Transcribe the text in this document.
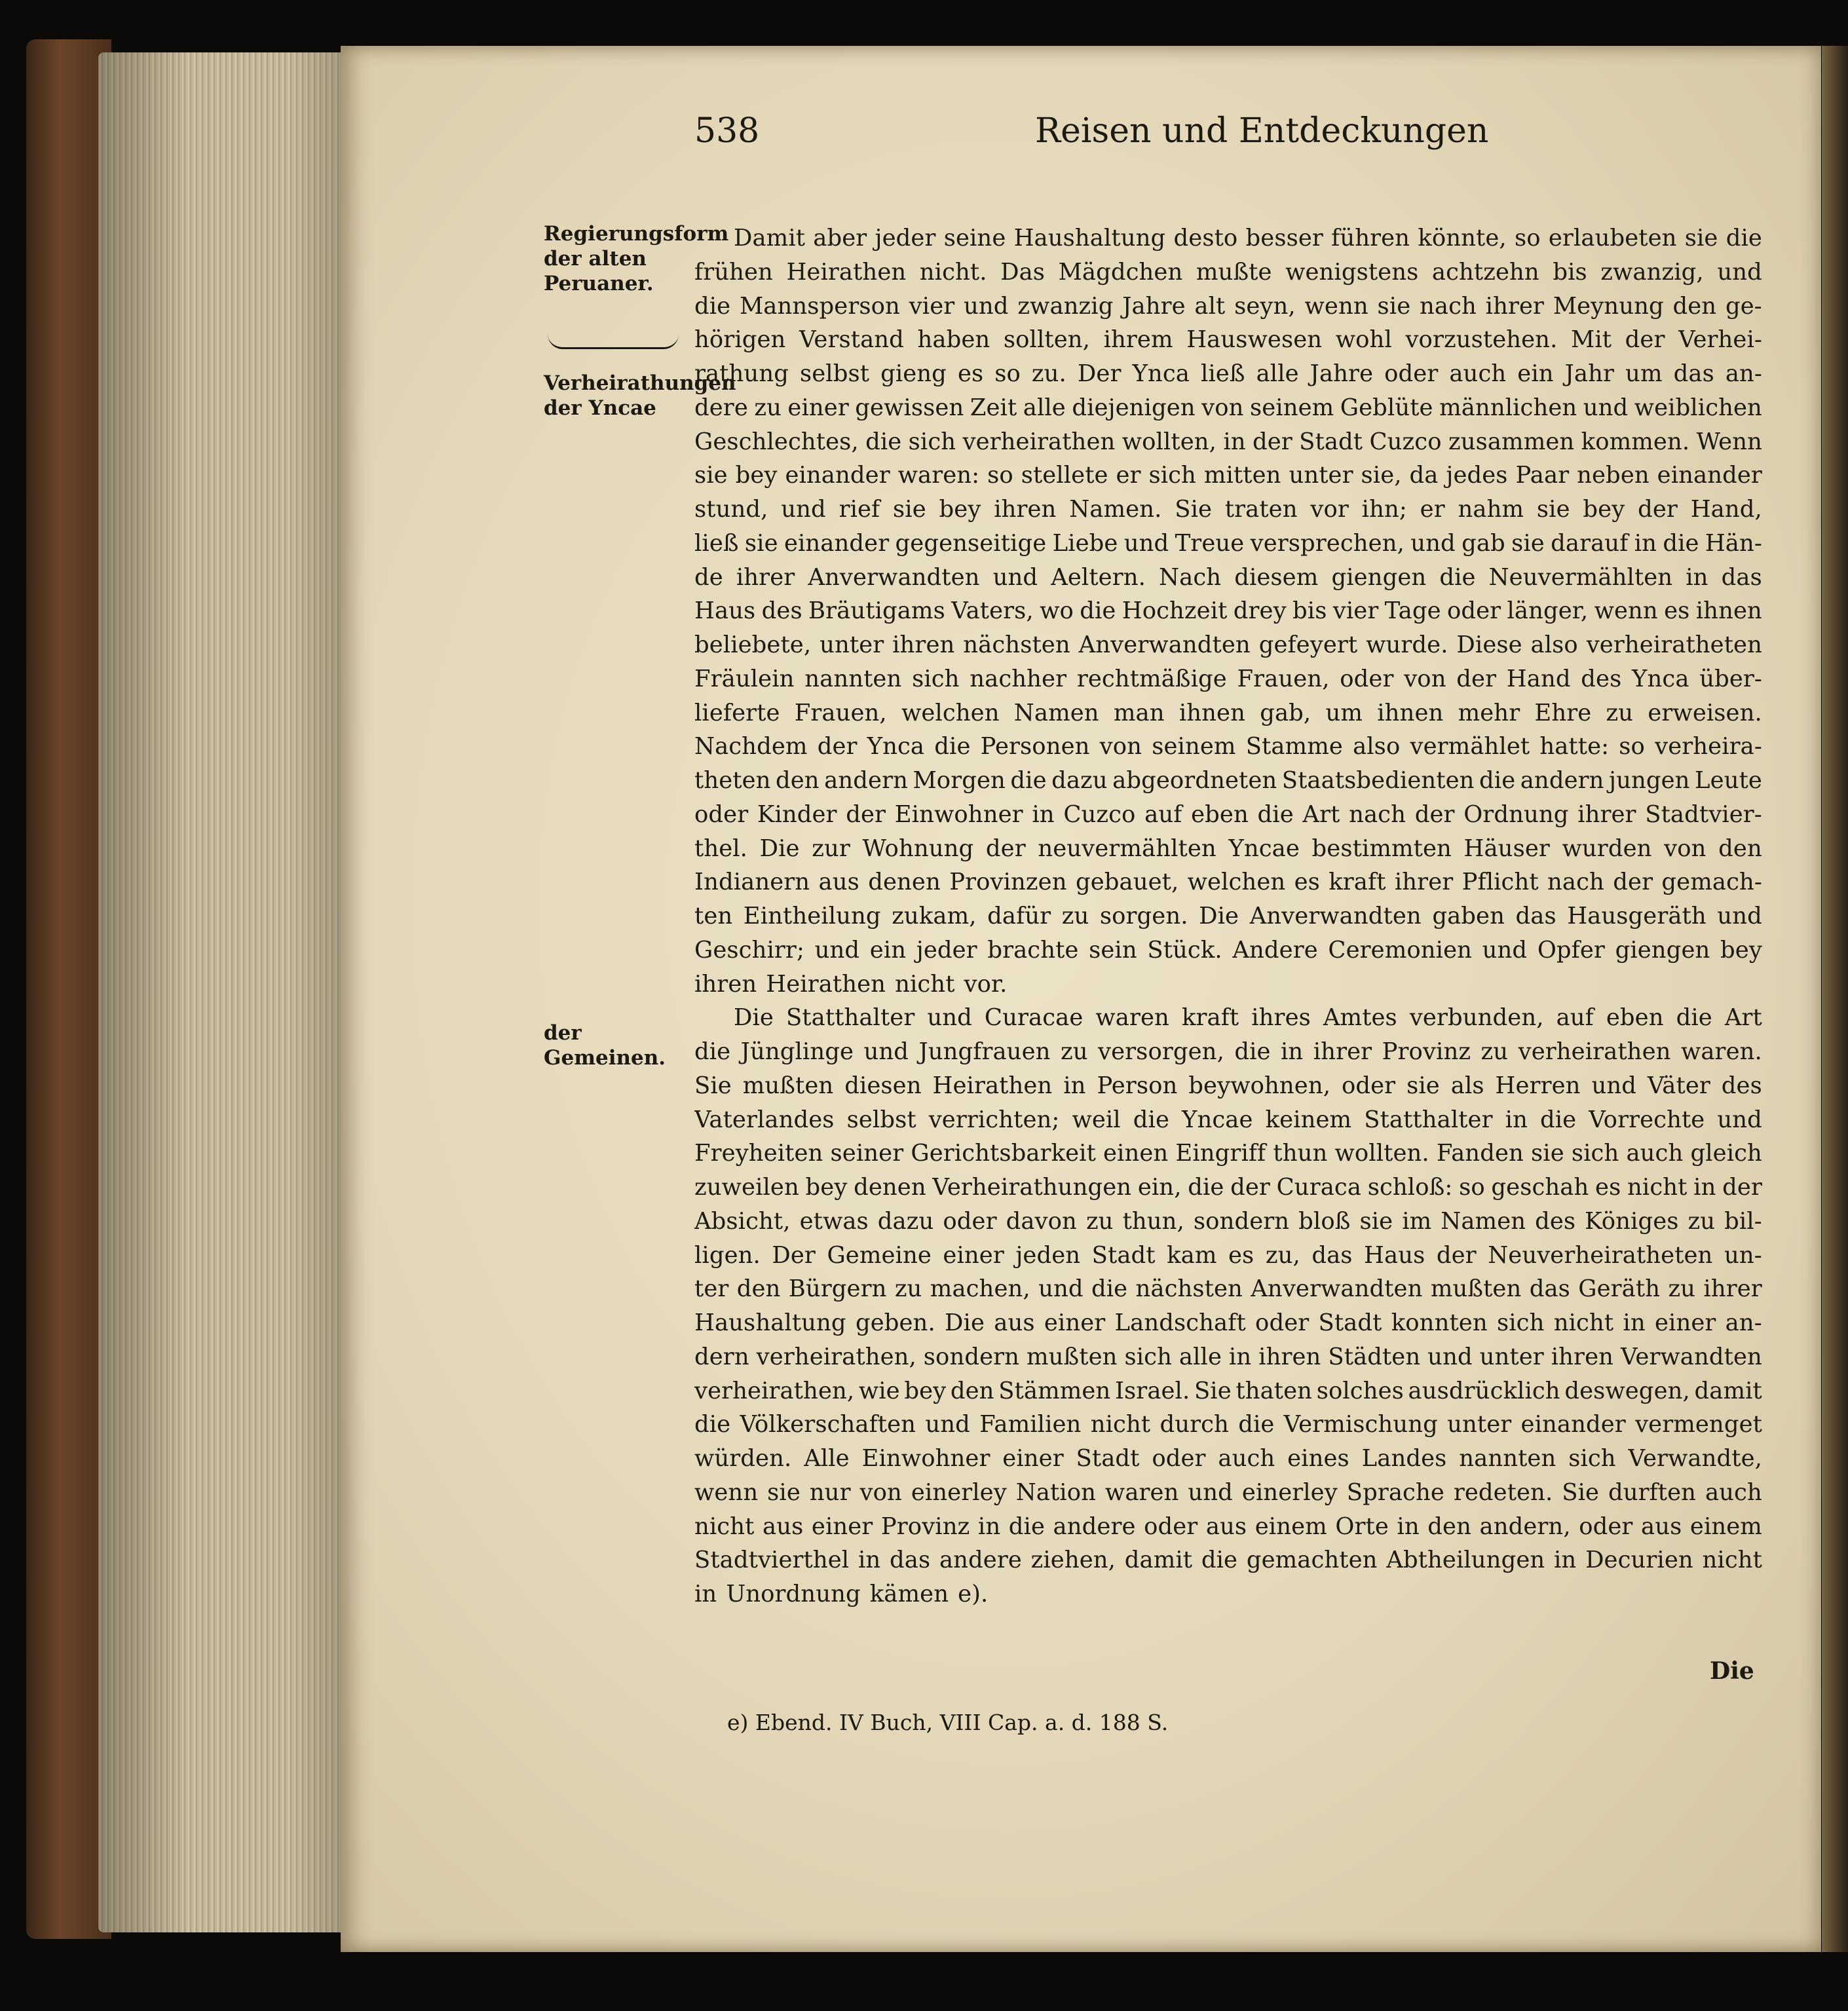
538	Reisen und Entdeckungen
Regierungsform der alten Peruaner.
Verheirathungen der Yncae
der Gemeinen.
Damit aber jeder seine Haushaltung desto besser führen könnte, so erlaubeten sie die
frühen Heirathen nicht. Das Mägdchen mußte wenigstens achtzehn bis zwanzig, und
die Mannsperson vier und zwanzig Jahre alt seyn, wenn sie nach ihrer Meynung den ge-
hörigen Verstand haben sollten, ihrem Hauswesen wohl vorzustehen. Mit der Verhei-
rathung selbst gieng es so zu. Der Ynca ließ alle Jahre oder auch ein Jahr um das an-
dere zu einer gewissen Zeit alle diejenigen von seinem Geblüte männlichen und weiblichen
Geschlechtes, die sich verheirathen wollten, in der Stadt Cuzco zusammen kommen. Wenn
sie bey einander waren: so stellete er sich mitten unter sie, da jedes Paar neben einander
stund, und rief sie bey ihren Namen. Sie traten vor ihn; er nahm sie bey der Hand,
ließ sie einander gegenseitige Liebe und Treue versprechen, und gab sie darauf in die Hän-
de ihrer Anverwandten und Aeltern. Nach diesem giengen die Neuvermählten in das
Haus des Bräutigams Vaters, wo die Hochzeit drey bis vier Tage oder länger, wenn es ihnen
beliebete, unter ihren nächsten Anverwandten gefeyert wurde. Diese also verheiratheten
Fräulein nannten sich nachher rechtmäßige Frauen, oder von der Hand des Ynca über-
lieferte Frauen, welchen Namen man ihnen gab, um ihnen mehr Ehre zu erweisen.
Nachdem der Ynca die Personen von seinem Stamme also vermählet hatte: so verheira-
theten den andern Morgen die dazu abgeordneten Staatsbedienten die andern jungen Leute
oder Kinder der Einwohner in Cuzco auf eben die Art nach der Ordnung ihrer Stadtvier-
thel. Die zur Wohnung der neuvermählten Yncae bestimmten Häuser wurden von den
Indianern aus denen Provinzen gebauet, welchen es kraft ihrer Pflicht nach der gemach-
ten Eintheilung zukam, dafür zu sorgen. Die Anverwandten gaben das Hausgeräth und
Geschirr; und ein jeder brachte sein Stück. Andere Ceremonien und Opfer giengen bey
ihren Heirathen nicht vor.
Die Statthalter und Curacae waren kraft ihres Amtes verbunden, auf eben die Art
die Jünglinge und Jungfrauen zu versorgen, die in ihrer Provinz zu verheirathen waren.
Sie mußten diesen Heirathen in Person beywohnen, oder sie als Herren und Väter des
Vaterlandes selbst verrichten; weil die Yncae keinem Statthalter in die Vorrechte und
Freyheiten seiner Gerichtsbarkeit einen Eingriff thun wollten. Fanden sie sich auch gleich
zuweilen bey denen Verheirathungen ein, die der Curaca schloß: so geschah es nicht in der
Absicht, etwas dazu oder davon zu thun, sondern bloß sie im Namen des Königes zu bil-
ligen. Der Gemeine einer jeden Stadt kam es zu, das Haus der Neuverheiratheten un-
ter den Bürgern zu machen, und die nächsten Anverwandten mußten das Geräth zu ihrer
Haushaltung geben. Die aus einer Landschaft oder Stadt konnten sich nicht in einer an-
dern verheirathen, sondern mußten sich alle in ihren Städten und unter ihren Verwandten
verheirathen, wie bey den Stämmen Israel. Sie thaten solches ausdrücklich deswegen, damit
die Völkerschaften und Familien nicht durch die Vermischung unter einander vermenget
würden. Alle Einwohner einer Stadt oder auch eines Landes nannten sich Verwandte,
wenn sie nur von einerley Nation waren und einerley Sprache redeten. Sie durften auch
nicht aus einer Provinz in die andere oder aus einem Orte in den andern, oder aus einem
Stadtvierthel in das andere ziehen, damit die gemachten Abtheilungen in Decurien nicht
in Unordnung kämen e).
Die
e) Ebend. IV Buch, VIII Cap. a. d. 188 S.
